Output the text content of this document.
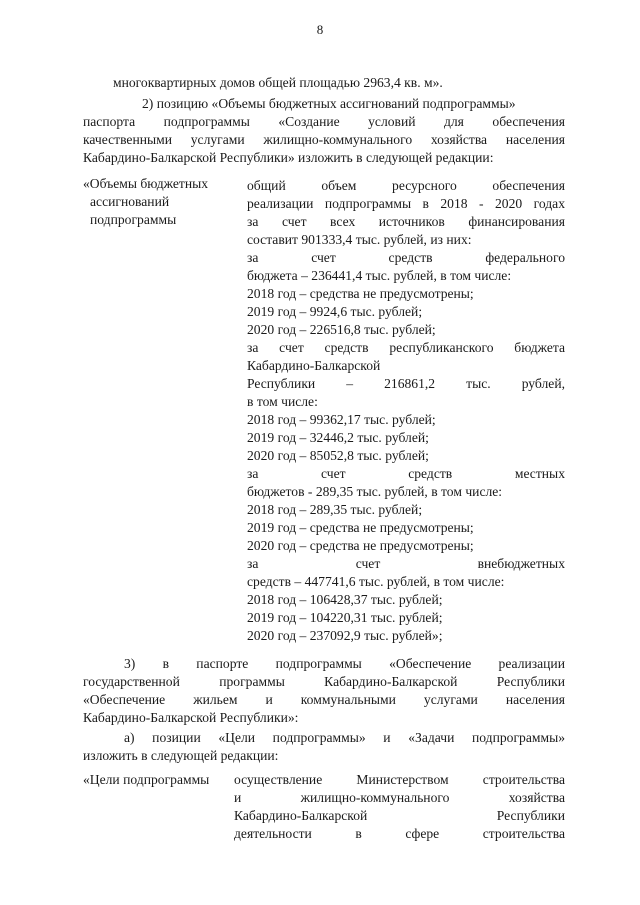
8
многоквартирных домов общей площадью 2963,4 кв. м».
2) позицию «Объемы бюджетных ассигнований подпрограммы»
паспорта подпрограммы «Создание условий для обеспечения
качественными услугами жилищно-коммунального хозяйства населения
Кабардино-Балкарской Республики» изложить в следующей редакции:
«Объемы бюджетных
ассигнований
подпрограммы
общий объем ресурсного обеспечения
реализации подпрограммы в 2018 - 2020 годах
за счет всех источников финансирования
составит 901333,4 тыс. рублей, из них:
за счет средств федерального
бюджета – 236441,4 тыс. рублей, в том числе:
2018 год – средства не предусмотрены;
2019 год – 9924,6 тыс. рублей;
2020 год – 226516,8 тыс. рублей;
за счет средств республиканского бюджета
Кабардино-Балкарской
Республики – 216861,2 тыс. рублей,
в том числе:
2018 год – 99362,17 тыс. рублей;
2019 год – 32446,2 тыс. рублей;
2020 год – 85052,8 тыс. рублей;
за счет средств местных
бюджетов - 289,35 тыс. рублей, в том числе:
2018 год – 289,35 тыс. рублей;
2019 год – средства не предусмотрены;
2020 год – средства не предусмотрены;
за счет внебюджетных
средств – 447741,6 тыс. рублей, в том числе:
2018 год – 106428,37 тыс. рублей;
2019 год – 104220,31 тыс. рублей;
2020 год – 237092,9 тыс. рублей»;
3) в паспорте подпрограммы «Обеспечение реализации
государственной программы Кабардино-Балкарской Республики
«Обеспечение жильем и коммунальными услугами населения
Кабардино-Балкарской Республики»:
а) позиции «Цели подпрограммы» и «Задачи подпрограммы»
изложить в следующей редакции:
«Цели подпрограммы осуществление Министерством строительства
и жилищно-коммунального хозяйства
Кабардино-Балкарской Республики
деятельности в сфере строительства
